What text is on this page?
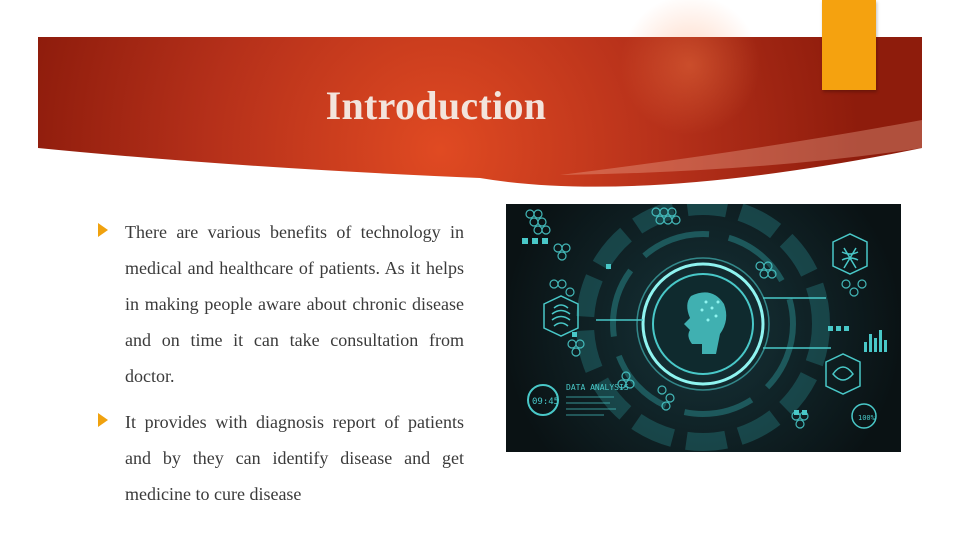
Introduction
There are various benefits of technology in medical and healthcare of patients. As it helps in making people aware about chronic disease and on time it can take consultation from doctor.
It provides with diagnosis report of patients and by they can identify disease and get medicine to cure disease
09:45
DATA ANALYSIS
100%
